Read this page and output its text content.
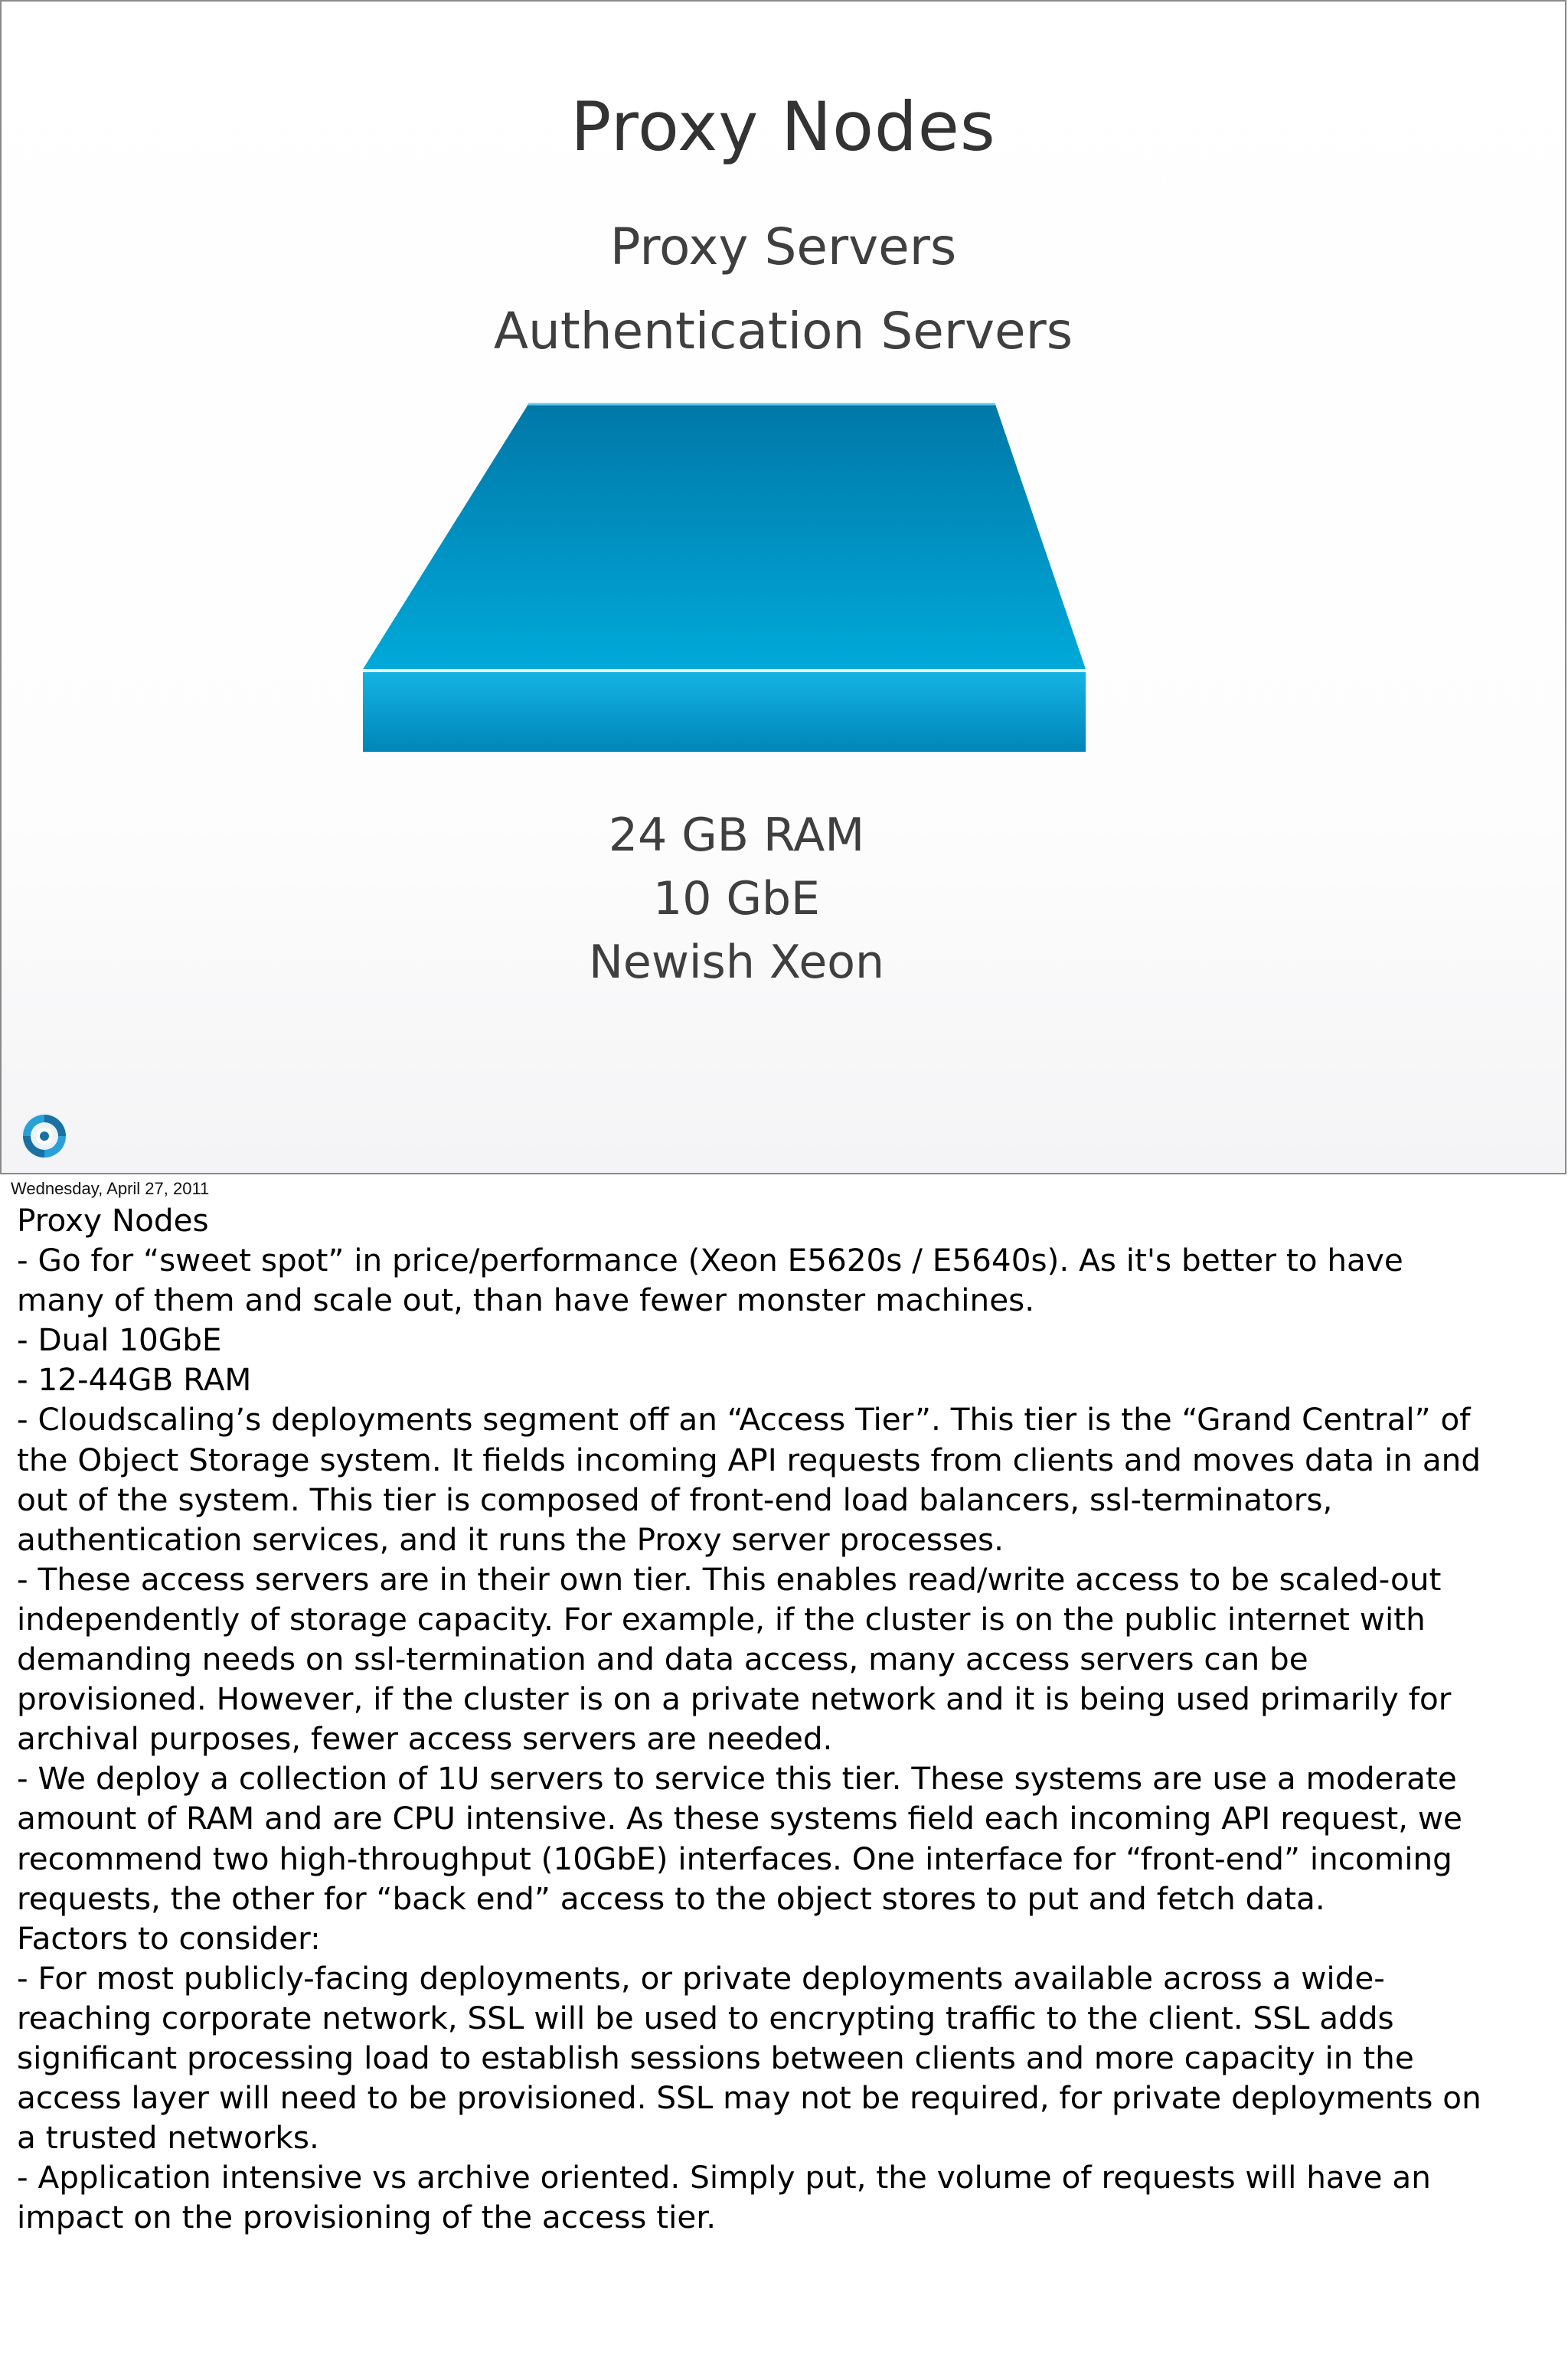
Proxy Nodes
Proxy Servers
Authentication Servers
24 GB RAM
10 GbE
Newish Xeon
Wednesday, April 27, 2011
Proxy Nodes
- Go for “sweet spot” in price/performance (Xeon E5620s / E5640s). As it's better to have
many of them and scale out, than have fewer monster machines.
- Dual 10GbE
- 12-44GB RAM
- Cloudscaling’s deployments segment off an “Access Tier”. This tier is the “Grand Central” of
the Object Storage system. It fields incoming API requests from clients and moves data in and
out of the system. This tier is composed of front-end load balancers, ssl-terminators,
authentication services, and it runs the Proxy server processes.
- These access servers are in their own tier. This enables read/write access to be scaled-out
independently of storage capacity. For example, if the cluster is on the public internet with
demanding needs on ssl-termination and data access, many access servers can be
provisioned. However, if the cluster is on a private network and it is being used primarily for
archival purposes, fewer access servers are needed.
- We deploy a collection of 1U servers to service this tier. These systems are use a moderate
amount of RAM and are CPU intensive. As these systems field each incoming API request, we
recommend two high-throughput (10GbE) interfaces. One interface for “front-end” incoming
requests, the other for “back end” access to the object stores to put and fetch data.
Factors to consider:
- For most publicly-facing deployments, or private deployments available across a wide-
reaching corporate network, SSL will be used to encrypting traffic to the client. SSL adds
significant processing load to establish sessions between clients and more capacity in the
access layer will need to be provisioned. SSL may not be required, for private deployments on
a trusted networks.
- Application intensive vs archive oriented. Simply put, the volume of requests will have an
impact on the provisioning of the access tier.
